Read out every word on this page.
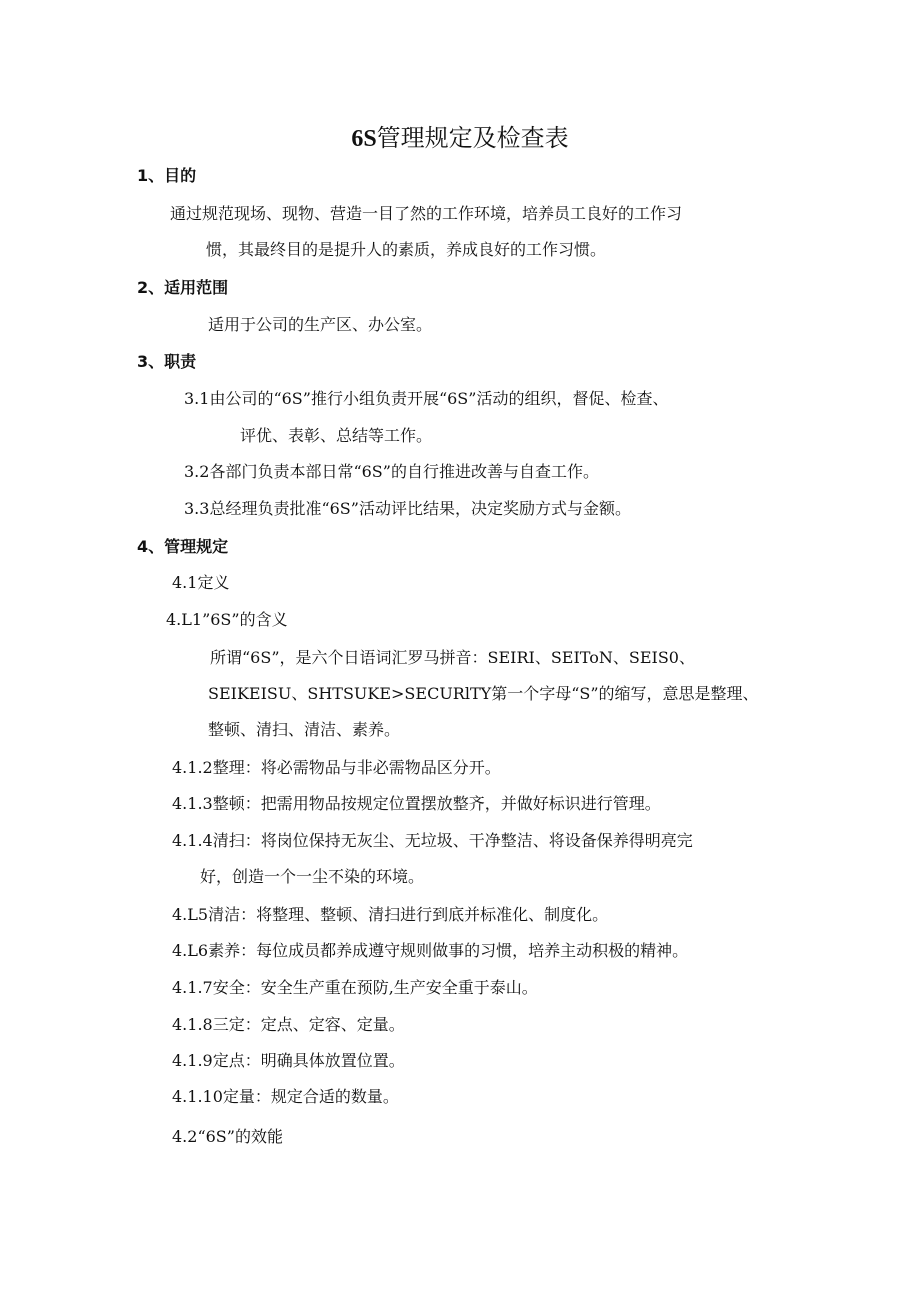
6S管理规定及检查表
1、目的
通过规范现场、现物、营造一目了然的工作环境，培养员工良好的工作习
惯，其最终目的是提升人的素质，养成良好的工作习惯。
2、适用范围
适用于公司的生产区、办公室。
3、职责
3.1由公司的“6S”推行小组负责开展“6S”活动的组织，督促、检查、
评优、表彰、总结等工作。
3.2各部门负责本部日常“6S”的自行推进改善与自查工作。
3.3总经理负责批准“6S”活动评比结果，决定奖励方式与金额。
4、管理规定
4.1定义
4.L1”6S”的含义
所谓“6S”，是六个日语词汇罗马拼音：SEIRI、SEIToN、SEIS0、
SEIKEISU、SHTSUKE>SECURlTY第一个字母“S”的缩写，意思是整理、
整顿、清扫、清洁、素养。
4.1.2整理：将必需物品与非必需物品区分开。
4.1.3整顿：把需用物品按规定位置摆放整齐，并做好标识进行管理。
4.1.4清扫：将岗位保持无灰尘、无垃圾、干净整洁、将设备保养得明亮完
好，创造一个一尘不染的环境。
4.L5清洁：将整理、整顿、清扫进行到底并标准化、制度化。
4.L6素养：每位成员都养成遵守规则做事的习惯，培养主动积极的精神。
4.1.7安全：安全生产重在预防,生产安全重于泰山。
4.1.8三定：定点、定容、定量。
4.1.9定点：明确具体放置位置。
4.1.10定量：规定合适的数量。
4.2“6S”的效能
